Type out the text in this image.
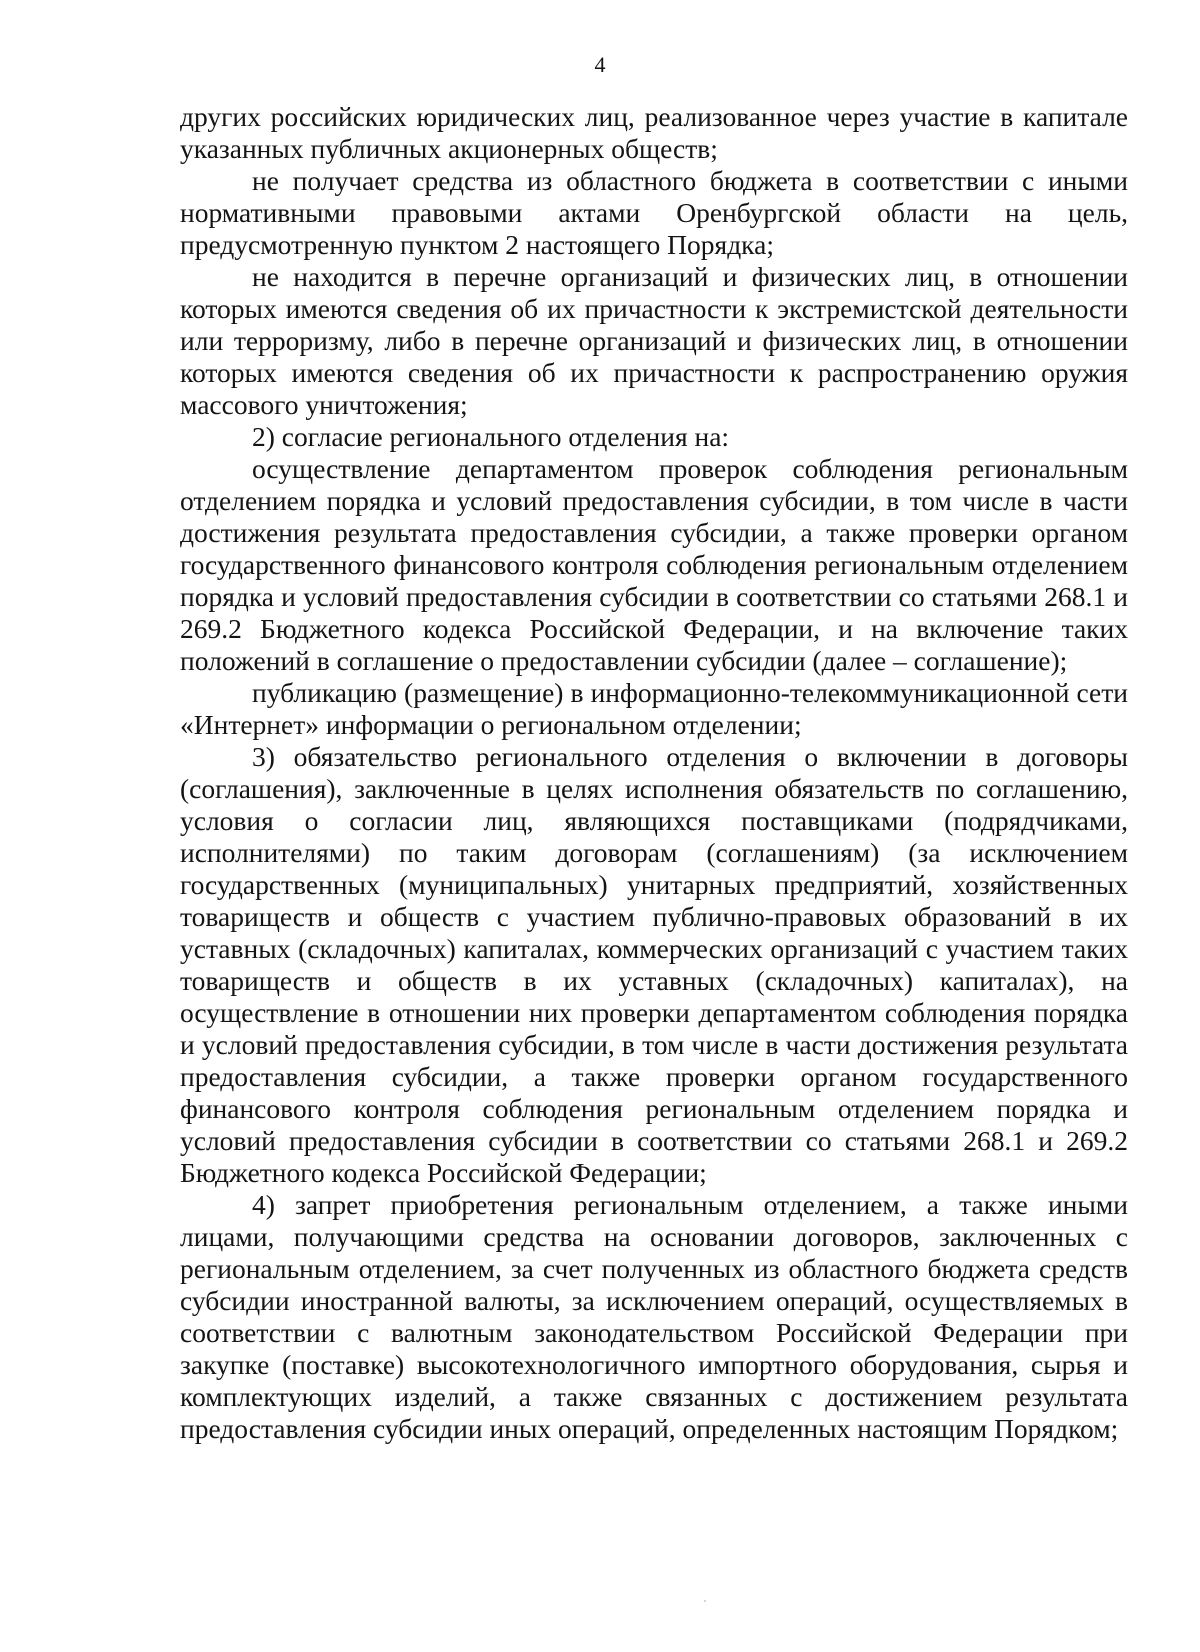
4

других российских юридических лиц, реализованное через участие в капитале указанных публичных акционерных обществ;

не получает средства из областного бюджета в соответствии с иными нормативными правовыми актами Оренбургской области на цель, предусмотренную пунктом 2 настоящего Порядка;

не находится в перечне организаций и физических лиц, в отношении которых имеются сведения об их причастности к экстремистской деятельности или терроризму, либо в перечне организаций и физических лиц, в отношении которых имеются сведения об их причастности к распространению оружия массового уничтожения;

2) согласие регионального отделения на:

осуществление департаментом проверок соблюдения региональным отделением порядка и условий предоставления субсидии, в том числе в части достижения результата предоставления субсидии, а также проверки органом государственного финансового контроля соблюдения региональным отделением порядка и условий предоставления субсидии в соответствии со статьями 268.1 и 269.2 Бюджетного кодекса Российской Федерации, и на включение таких положений в соглашение о предоставлении субсидии (далее – соглашение);

публикацию (размещение) в информационно-телекоммуникационной сети «Интернет» информации о региональном отделении;

3) обязательство регионального отделения о включении в договоры (соглашения), заключенные в целях исполнения обязательств по соглашению, условия о согласии лиц, являющихся поставщиками (подрядчиками, исполнителями) по таким договорам (соглашениям) (за исключением государственных (муниципальных) унитарных предприятий, хозяйственных товариществ и обществ с участием публично-правовых образований в их уставных (складочных) капиталах, коммерческих организаций с участием таких товариществ и обществ в их уставных (складочных) капиталах), на осуществление в отношении них проверки департаментом соблюдения порядка и условий предоставления субсидии, в том числе в части достижения результата предоставления субсидии, а также проверки органом государственного финансового контроля соблюдения региональным отделением порядка и условий предоставления субсидии в соответствии со статьями 268.1 и 269.2 Бюджетного кодекса Российской Федерации;

4) запрет приобретения региональным отделением, а также иными лицами, получающими средства на основании договоров, заключенных с региональным отделением, за счет полученных из областного бюджета средств субсидии иностранной валюты, за исключением операций, осуществляемых в соответствии с валютным законодательством Российской Федерации при закупке (поставке) высокотехнологичного импортного оборудования, сырья и комплектующих изделий, а также связанных с достижением результата предоставления субсидии иных операций, определенных настоящим Порядком;
